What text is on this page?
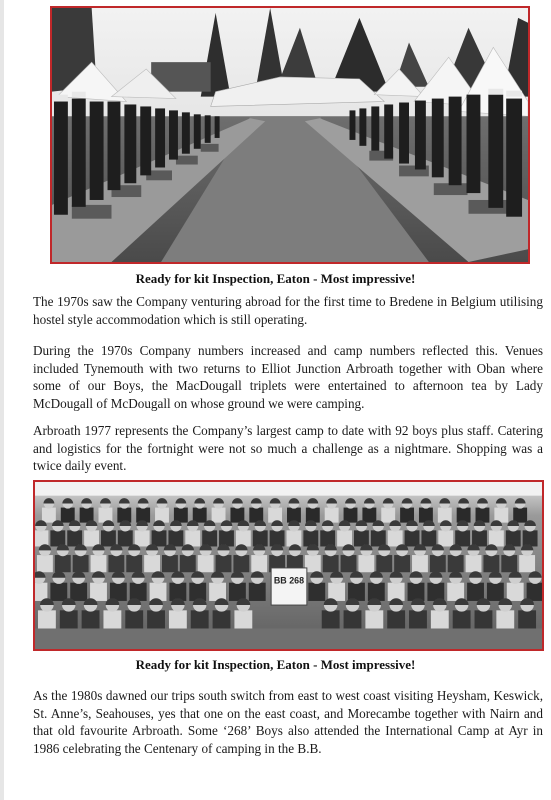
Ready for kit Inspection, Eaton - Most impressive!

The 1970s saw the Company venturing abroad for the first time to Bredene in Belgium utilising hostel style accommodation which is still operating.

During the 1970s Company numbers increased and camp numbers reflected this. Venues included Tynemouth with two returns to Elliot Junction Arbroath together with Oban where some of our Boys, the MacDougall triplets were entertained to afternoon tea by Lady McDougall of McDougall on whose ground we were camping.

Arbroath 1977 represents the Company’s largest camp to date with 92 boys plus staff. Catering and logistics for the fortnight were not so much a challenge as a nightmare. Shopping was a twice daily event.

BB 268
Ready for kit Inspection, Eaton - Most impressive!

As the 1980s dawned our trips south switch from east to west coast visiting Heysham, Keswick, St. Anne’s, Seahouses, yes that one on the east coast, and Morecambe together with Nairn and that old favourite Arbroath. Some ‘268’ Boys also attended the International Camp at Ayr in 1986 celebrating the Centenary of camping in the B.B.
